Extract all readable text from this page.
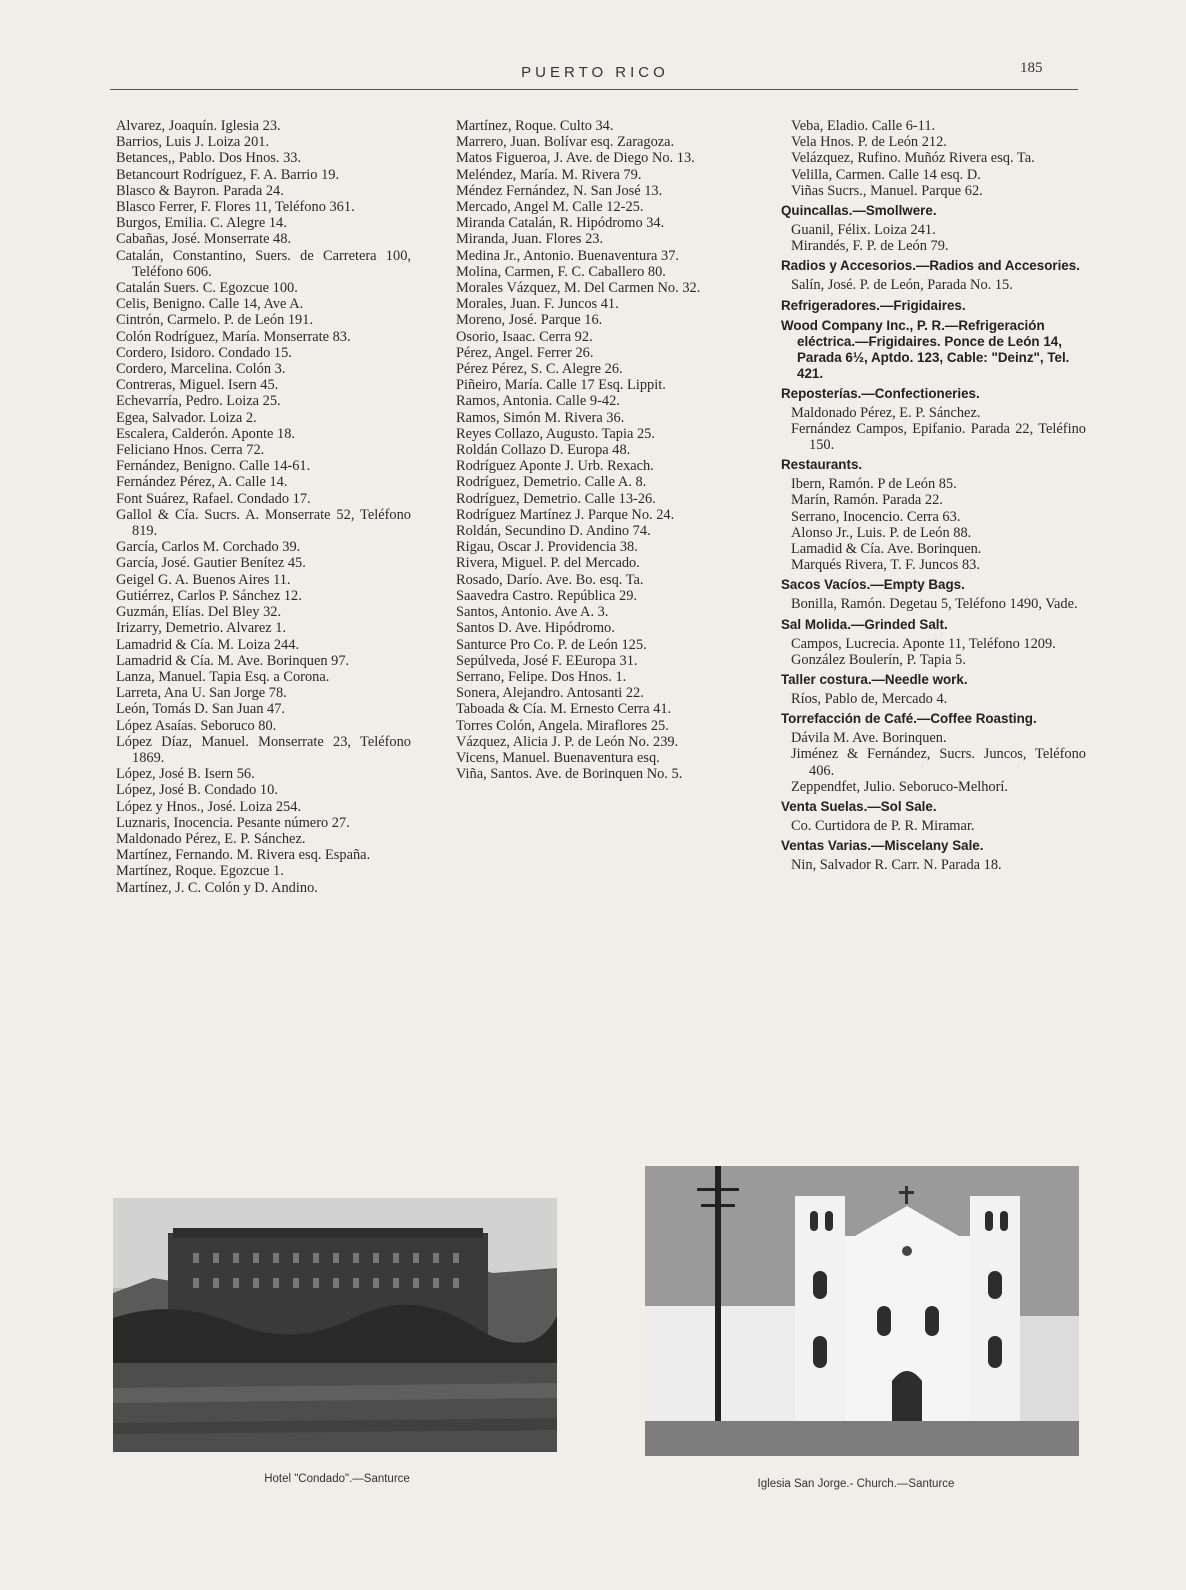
PUERTO RICO	185
Alvarez, Joaquín. Iglesia 23.
Barrios, Luis J. Loiza 201.
Betances,, Pablo. Dos Hnos. 33.
Betancourt Rodríguez, F. A. Barrio 19.
Blasco & Bayron. Parada 24.
Blasco Ferrer, F. Flores 11, Teléfono 361.
Burgos, Emilia. C. Alegre 14.
Cabañas, José. Monserrate 48.
Catalán, Constantino, Suers. de Carretera 100, Teléfono 606.
Catalán Suers. C. Egozcue 100.
Celis, Benigno. Calle 14, Ave A.
Cintrón, Carmelo. P. de León 191.
Colón Rodríguez, María. Monserrate 83.
Cordero, Isidoro. Condado 15.
Cordero, Marcelina. Colón 3.
Contreras, Miguel. Isern 45.
Echevarría, Pedro. Loiza 25.
Egea, Salvador. Loiza 2.
Escalera, Calderón. Aponte 18.
Feliciano Hnos. Cerra 72.
Fernández, Benigno. Calle 14-61.
Fernández Pérez, A. Calle 14.
Font Suárez, Rafael. Condado 17.
Gallol & Cía. Sucrs. A. Monserrate 52, Teléfono 819.
García, Carlos M. Corchado 39.
García, José. Gautier Benítez 45.
Geigel G. A. Buenos Aires 11.
Gutiérrez, Carlos P. Sánchez 12.
Guzmán, Elías. Del Bley 32.
Irizarry, Demetrio. Alvarez 1.
Lamadrid & Cía. M. Loiza 244.
Lamadrid & Cía. M. Ave. Borinquen 97.
Lanza, Manuel. Tapia Esq. a Corona.
Larreta, Ana U. San Jorge 78.
León, Tomás D. San Juan 47.
López Asaías. Seboruco 80.
López Díaz, Manuel. Monserrate 23, Teléfono 1869.
López, José B. Isern 56.
López, José B. Condado 10.
López y Hnos., José. Loiza 254.
Luznaris, Inocencia. Pesante número 27.
Maldonado Pérez, E. P. Sánchez.
Martínez, Fernando. M. Rivera esq. España.
Martínez, Roque. Egozcue 1.
Martínez, J. C. Colón y D. Andino.
Martínez, Roque. Culto 34.
Marrero, Juan. Bolívar esq. Zaragoza.
Matos Figueroa, J. Ave. de Diego No. 13.
Meléndez, María. M. Rivera 79.
Méndez Fernández, N. San José 13.
Mercado, Angel M. Calle 12-25.
Miranda Catalán, R. Hipódromo 34.
Miranda, Juan. Flores 23.
Medina Jr., Antonio. Buenaventura 37.
Molina, Carmen, F. C. Caballero 80.
Morales Vázquez, M. Del Carmen No. 32.
Morales, Juan. F. Juncos 41.
Moreno, José. Parque 16.
Osorio, Isaac. Cerra 92.
Pérez, Angel. Ferrer 26.
Pérez Pérez, S. C. Alegre 26.
Piñeiro, María. Calle 17 Esq. Lippit.
Ramos, Antonia. Calle 9-42.
Ramos, Simón M. Rivera 36.
Reyes Collazo, Augusto. Tapia 25.
Roldán Collazo D. Europa 48.
Rodríguez Aponte J. Urb. Rexach.
Rodríguez, Demetrio. Calle A. 8.
Rodríguez, Demetrio. Calle 13-26.
Rodríguez Martínez J. Parque No. 24.
Roldán, Secundino D. Andino 74.
Rigau, Oscar J. Providencia 38.
Rivera, Miguel. P. del Mercado.
Rosado, Darío. Ave. Bo. esq. Ta.
Saavedra Castro. República 29.
Santos, Antonio. Ave A. 3.
Santos D. Ave. Hipódromo.
Santurce Pro Co. P. de León 125.
Sepúlveda, José F. EEuropa 31.
Serrano, Felipe. Dos Hnos. 1.
Sonera, Alejandro. Antosanti 22.
Taboada & Cía. M. Ernesto Cerra 41.
Torres Colón, Angela. Miraflores 25.
Vázquez, Alicia J. P. de León No. 239.
Vicens, Manuel. Buenaventura esq.
Viña, Santos. Ave. de Borinquen No. 5.
Veba, Eladio. Calle 6-11.
Vela Hnos. P. de León 212.
Velázquez, Rufino. Muñóz Rivera esq. Ta.
Velilla, Carmen. Calle 14 esq. D.
Viñas Sucrs., Manuel. Parque 62.
Quincallas.—Smollwere.
Guanil, Félix. Loiza 241.
Mirandés, F. P. de León 79.
Radios y Accesorios.—Radios and Accesories.
Salín, José. P. de León, Parada No. 15.
Refrigeradores.—Frigidaires.
Wood Company Inc., P. R.—Refrigeración eléctrica.—Frigidaires. Ponce de León 14, Parada 6½, Aptdo. 123, Cable: "Deinz", Tel. 421.
Reposterías.—Confectioneries.
Maldonado Pérez, E. P. Sánchez.
Fernández Campos, Epifanio. Parada 22, Teléfino 150.
Restaurants.
Ibern, Ramón. P de León 85.
Marín, Ramón. Parada 22.
Serrano, Inocencio. Cerra 63.
Alonso Jr., Luis. P. de León 88.
Lamadid & Cía. Ave. Borinquen.
Marqués Rivera, T. F. Juncos 83.
Sacos Vacíos.—Empty Bags.
Bonilla, Ramón. Degetau 5, Teléfono 1490, Vade.
Sal Molida.—Grinded Salt.
Campos, Lucrecia. Aponte 11, Teléfono 1209.
González Boulerín, P. Tapia 5.
Taller costura.—Needle work.
Ríos, Pablo de, Mercado 4.
Torrefacción de Café.—Coffee Roasting.
Dávila M. Ave. Borinquen.
Jiménez & Fernández, Sucrs. Juncos, Teléfono 406.
Zeppendfet, Julio. Seboruco-Melhorí.
Venta Suelas.—Sol Sale.
Co. Curtidora de P. R. Miramar.
Ventas Varias.—Miscelany Sale.
Nin, Salvador R. Carr. N. Parada 18.
Hotel "Condado".—Santurce	Iglesia San Jorge.- Church.—Santurce
